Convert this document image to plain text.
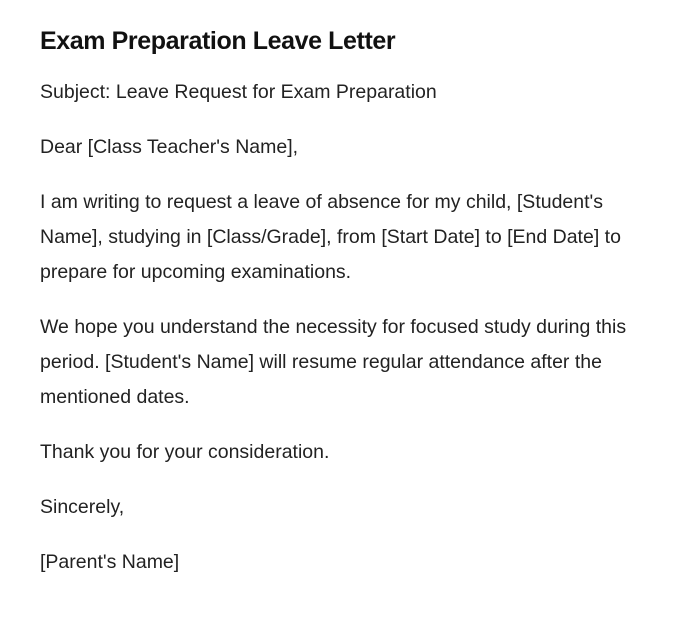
Exam Preparation Leave Letter

Subject: Leave Request for Exam Preparation

Dear [Class Teacher's Name],

I am writing to request a leave of absence for my child, [Student's Name], studying in [Class/Grade], from [Start Date] to [End Date] to prepare for upcoming examinations.

We hope you understand the necessity for focused study during this period. [Student's Name] will resume regular attendance after the mentioned dates.

Thank you for your consideration.

Sincerely,

[Parent's Name]
